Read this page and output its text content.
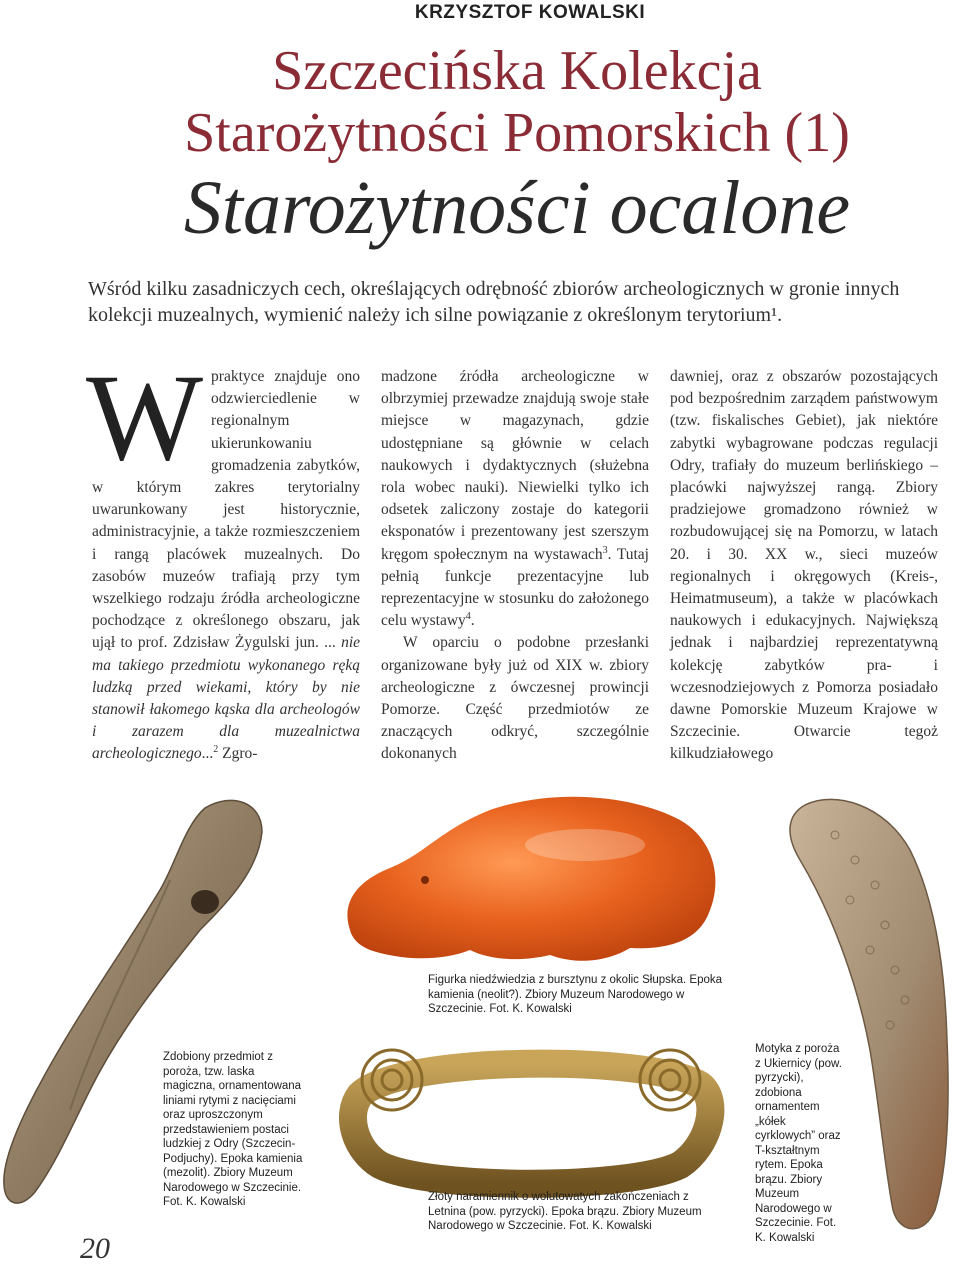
KRZYSZTOF KOWALSKI
Szczecińska Kolekcja
Starożytności Pomorskich (1)
Starożytności ocalone
Wśród kilku zasadniczych cech, określających odrębność zbiorów archeologicznych w gronie innych kolekcji muzealnych, wymienić należy ich silne powiązanie z określonym terytorium¹.

Wpraktyce znajduje ono odzwierciedlenie w regionalnym ukierunkowaniu gromadzenia zabytków, w którym zakres terytorialny uwarunkowany jest historycznie, administracyjnie, a także rozmieszczeniem i rangą placówek muzealnych. Do zasobów muzeów trafiają przy tym wszelkiego rodzaju źródła archeologiczne pochodzące z określonego obszaru, jak ujął to prof. Zdzisław Żygulski jun. ... nie ma takiego przedmiotu wykonanego ręką ludzką przed wiekami, który by nie stanowił łakomego kąska dla archeologów i zarazem dla muzealnictwa archeologicznego...$^2$ Zgro-

madzone źródła archeologiczne w olbrzymiej przewadze znajdują swoje stałe miejsce w magazynach, gdzie udostępniane są głównie w celach naukowych i dydaktycznych (służebna rola wobec nauki). Niewielki tylko ich odsetek zaliczony zostaje do kategorii eksponatów i prezentowany jest szerszym kręgom społecznym na wystawach$^3$. Tutaj pełnią funkcje prezentacyjne lub reprezentacyjne w stosunku do założonego celu wystawy$^4$.

W oparciu o podobne przesłanki organizowane były już od XIX w. zbiory archeologiczne z ówczesnej prowincji Pomorze. Część przedmiotów ze znaczących odkryć, szczególnie dokonanych

dawniej, oraz z obszarów pozostających pod bezpośrednim zarządem państwowym (tzw. fiskalisches Gebiet), jak niektóre zabytki wybagrowane podczas regulacji Odry, trafiały do muzeum berlińskiego – placówki najwyższej rangą. Zbiory pradziejowe gromadzono również w rozbudowującej się na Pomorzu, w latach 20. i 30. XX w., sieci muzeów regionalnych i okręgowych (Kreis-, Heimatmuseum), a także w placówkach naukowych i edukacyjnych. Największą jednak i najbardziej reprezentatywną kolekcję zabytków pra- i wczesnodziejowych z Pomorza posiadało dawne Pomorskie Muzeum Krajowe w Szczecinie. Otwarcie tegoż kilkudziałowego

Figurka niedźwiedzia z bursztynu z okolic Słupska. Epoka kamienia (neolit?). Zbiory Muzeum Narodowego w Szczecinie. Fot. K. Kowalski
Zdobiony przedmiot z poroża, tzw. laska magiczna, ornamentowana liniami rytymi z nacięciami oraz uproszczonym przedstawieniem postaci ludzkiej z Odry (Szczecin-Podjuchy). Epoka kamienia (mezolit). Zbiory Muzeum Narodowego w Szczecinie. Fot. K. Kowalski	Złoty naramiennik o wolutowatych zakończeniach z Letnina (pow. pyrzycki). Epoka brązu. Zbiory Muzeum Narodowego w Szczecinie. Fot. K. Kowalski
Motyka z poroża z Ukiernicy (pow. pyrzycki), zdobiona ornamentem „kółek cyrklowych” oraz T-kształtnym rytem. Epoka brązu. Zbiory Muzeum Narodowego w Szczecinie. Fot. K. Kowalski
20
